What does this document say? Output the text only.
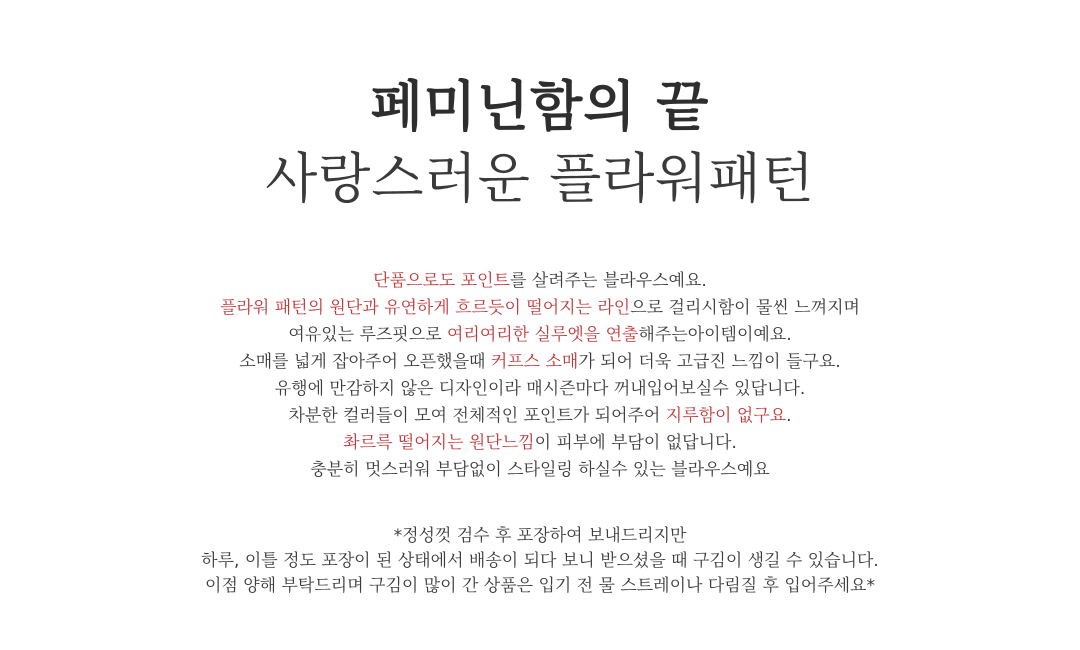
페미닌함의 끝
사랑스러운 플라워패턴
단품으로도 포인트를 살려주는 블라우스예요.
플라워 패턴의 원단과 유연하게 흐르듯이 떨어지는 라인으로 걸리시함이 물씬 느껴지며
여유있는 루즈핏으로 여리여리한 실루엣을 연출해주는아이템이예요.
소매를 넓게 잡아주어 오픈했을때 커프스 소매가 되어 더욱 고급진 느낌이 들구요.
유행에 만감하지 않은 디자인이라 매시즌마다 꺼내입어보실수 있답니다.
차분한 컬러들이 모여 전체적인 포인트가 되어주어 지루함이 없구요.
촤르륵 떨어지는 원단느낌이 피부에 부담이 없답니다.
충분히 멋스러워 부담없이 스타일링 하실수 있는 블라우스예요
*정성껏 검수 후 포장하여 보내드리지만
하루, 이틀 정도 포장이 된 상태에서 배송이 되다 보니 받으셨을 때 구김이 생길 수 있습니다.
이점 양해 부탁드리며 구김이 많이 간 상품은 입기 전 물 스트레이나 다림질 후 입어주세요*
